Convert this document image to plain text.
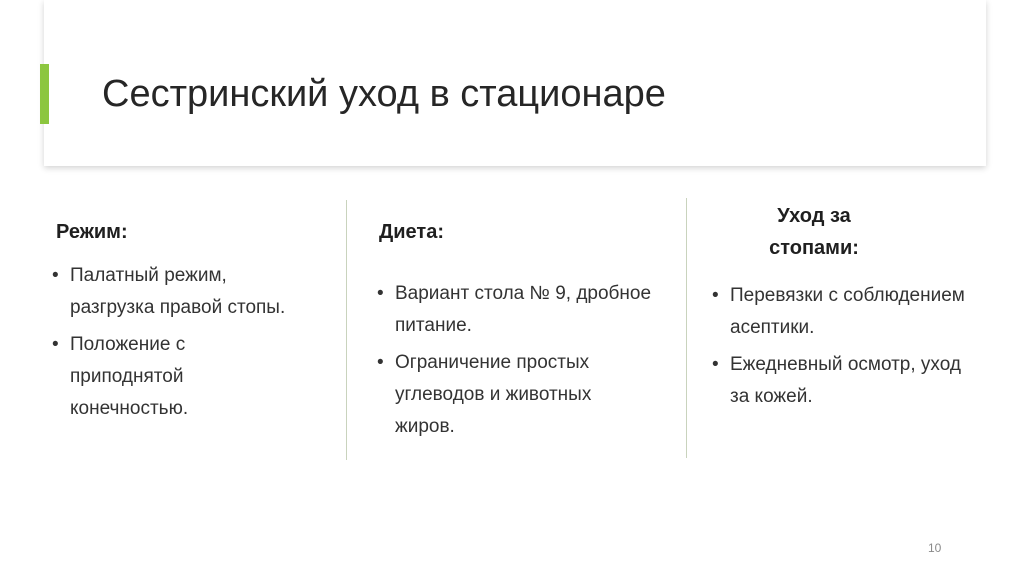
Сестринский уход в стационаре
Режим:
• Палатный режим, разгрузка правой стопы.
• Положение с приподнятой конечностью.
Диета:
• Вариант стола № 9, дробное питание.
• Ограничение простых углеводов и животных жиров.
Уход за стопами:
• Перевязки с соблюдением асептики.
• Ежедневный осмотр, уход за кожей.
10
